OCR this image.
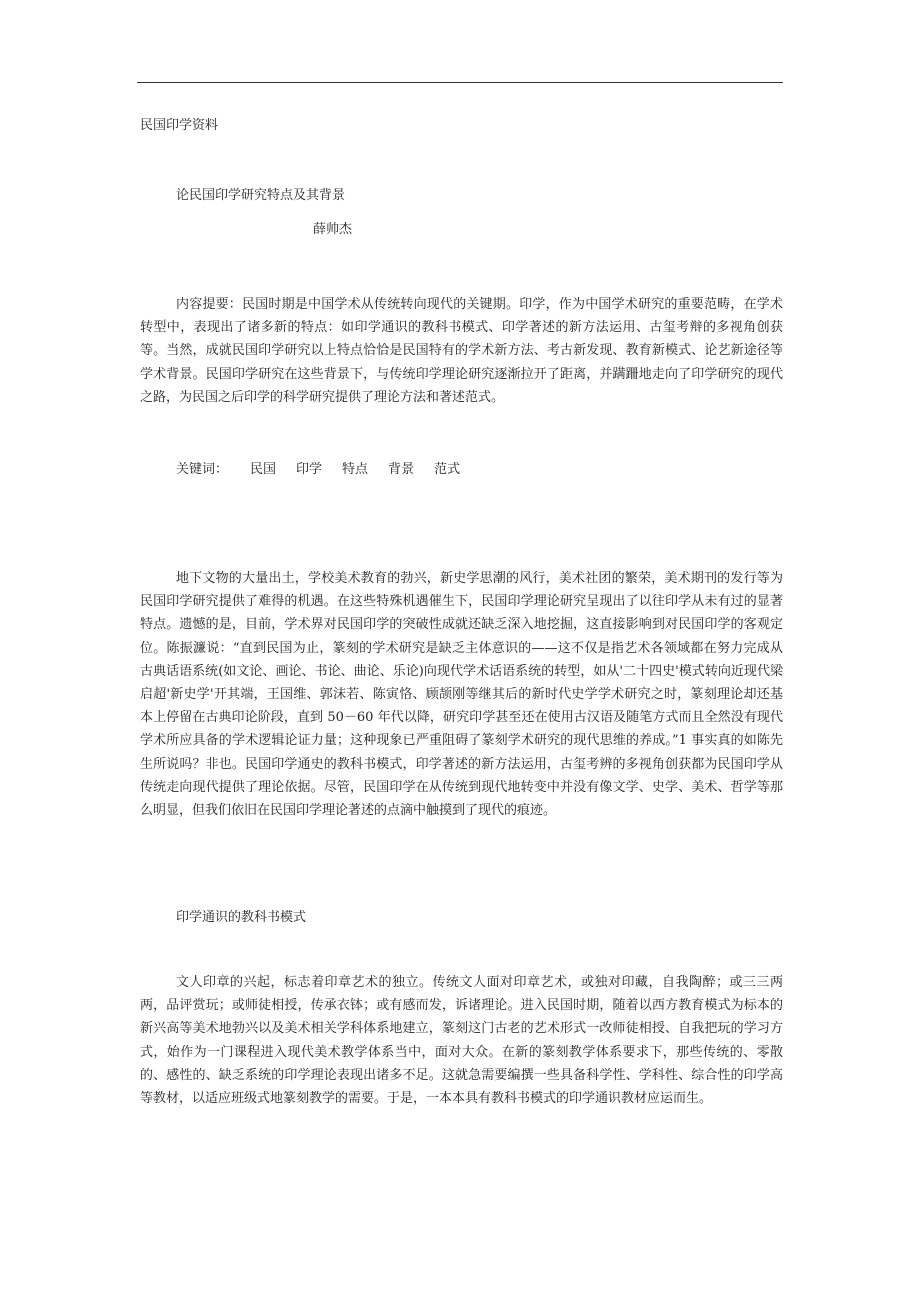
民国印学资料
论民国印学研究特点及其背景
薛帅杰

内容提要：民国时期是中国学术从传统转向现代的关键期。印学，作为中国学术研究的重要范畴，在学术转型中，表现出了诸多新的特点：如印学通识的教科书模式、印学著述的新方法运用、古玺考辩的多视角创获等。当然，成就民国印学研究以上特点恰恰是民国特有的学术新方法、考古新发现、教育新模式、论艺新途径等学术背景。民国印学研究在这些背景下，与传统印学理论研究逐渐拉开了距离，并蹒跚地走向了印学研究的现代之路，为民国之后印学的科学研究提供了理论方法和著述范式。

关键词： 民国 印学 特点 背景 范式

地下文物的大量出土，学校美术教育的勃兴，新史学思潮的风行，美术社团的繁荣，美术期刊的发行等为民国印学研究提供了难得的机遇。在这些特殊机遇催生下，民国印学理论研究呈现出了以往印学从未有过的显著特点。遗憾的是，目前，学术界对民国印学的突破性成就还缺乏深入地挖掘，这直接影响到对民国印学的客观定位。陈振濂说：“直到民国为止，篆刻的学术研究是缺乏主体意识的——这不仅是指艺术各领域都在努力完成从古典话语系统(如文论、画论、书论、曲论、乐论)向现代学术话语系统的转型，如从'二十四史'模式转向近现代梁启超'新史学'开其端，王国维、郭沫若、陈寅恪、顾颉刚等继其后的新时代史学学术研究之时，篆刻理论却还基本上停留在古典印论阶段，直到 50－60 年代以降，研究印学甚至还在使用古汉语及随笔方式而且全然没有现代学术所应具备的学术逻辑论证力量；这种现象已严重阻碍了篆刻学术研究的现代思维的养成。”1 事实真的如陈先生所说吗？非也。民国印学通史的教科书模式，印学著述的新方法运用，古玺考辨的多视角创获都为民国印学从传统走向现代提供了理论依据。尽管，民国印学在从传统到现代地转变中并没有像文学、史学、美术、哲学等那么明显，但我们依旧在民国印学理论著述的点滴中触摸到了现代的痕迹。

印学通识的教科书模式

文人印章的兴起，标志着印章艺术的独立。传统文人面对印章艺术，或独对印藏，自我陶醉；或三三两两，品评赏玩；或师徒相授，传承衣钵；或有感而发，诉诸理论。进入民国时期，随着以西方教育模式为标本的新兴高等美术地勃兴以及美术相关学科体系地建立，篆刻这门古老的艺术形式一改师徒相授、自我把玩的学习方式，始作为一门课程进入现代美术教学体系当中，面对大众。在新的篆刻教学体系要求下，那些传统的、零散的、感性的、缺乏系统的印学理论表现出诸多不足。这就急需要编撰一些具备科学性、学科性、综合性的印学高等教材，以适应班级式地篆刻教学的需要。于是，一本本具有教科书模式的印学通识教材应运而生。
